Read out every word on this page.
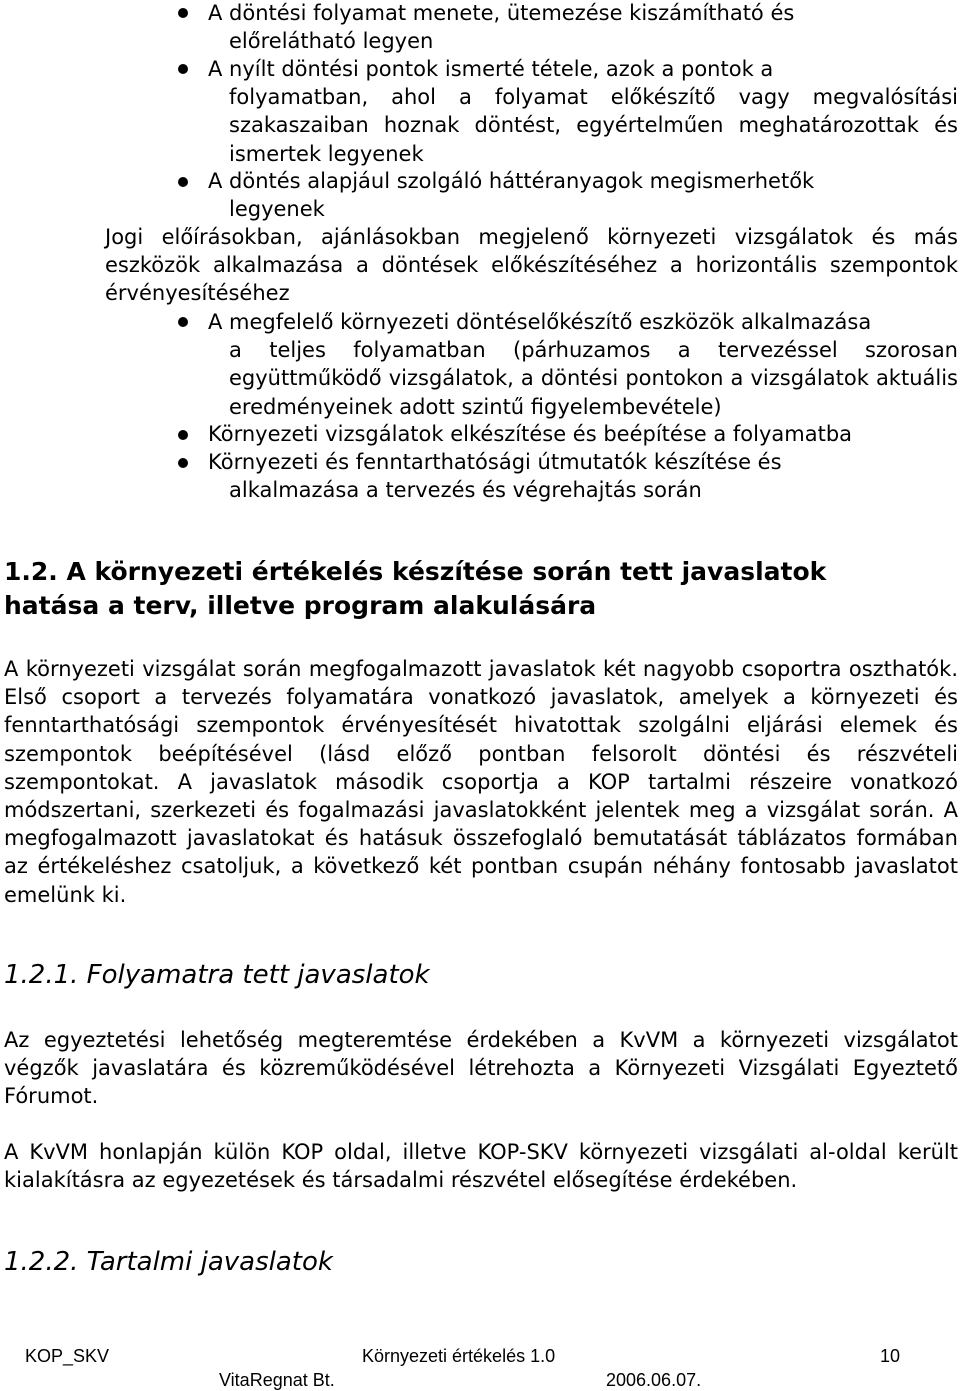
A döntési folyamat menete, ütemezése kiszámítható és
előrelátható legyen
A nyílt döntési pontok ismerté tétele, azok a pontok a
folyamatban, ahol a folyamat előkészítő vagy megvalósítási szakaszaiban hoznak döntést, egyértelműen meghatározottak és ismertek legyenek
A döntés alapjául szolgáló háttéranyagok megismerhetők
legyenek

Jogi előírásokban, ajánlásokban megjelenő környezeti vizsgálatok és más eszközök alkalmazása a döntések előkészítéséhez a horizontális szempontok érvényesítéséhez

A megfelelő környezeti döntéselőkészítő eszközök alkalmazása
a teljes folyamatban (párhuzamos a tervezéssel szorosan együttműködő vizsgálatok, a döntési pontokon a vizsgálatok aktuális eredményeinek adott szintű figyelembevétele)
Környezeti vizsgálatok elkészítése és beépítése a folyamatba
Környezeti és fenntarthatósági útmutatók készítése és
alkalmazása a tervezés és végrehajtás során
1.2. A környezeti értékelés készítése során tett javaslatok
hatása a terv, illetve program alakulására

A környezeti vizsgálat során megfogalmazott javaslatok két nagyobb csoportra oszthatók. Első csoport a tervezés folyamatára vonatkozó javaslatok, amelyek a környezeti és fenntarthatósági szempontok érvényesítését hivatottak szolgálni eljárási elemek és szempontok beépítésével (lásd előző pontban felsorolt döntési és részvételi szempontokat. A javaslatok második csoportja a KOP tartalmi részeire vonatkozó módszertani, szerkezeti és fogalmazási javaslatokként jelentek meg a vizsgálat során. A megfogalmazott javaslatokat és hatásuk összefoglaló bemutatását táblázatos formában az értékeléshez csatoljuk, a következő két pontban csupán néhány fontosabb javaslatot emelünk ki.

1.2.1. Folyamatra tett javaslatok

Az egyeztetési lehetőség megteremtése érdekében a KvVM a környezeti vizsgálatot végzők javaslatára és közreműködésével létrehozta a Környezeti Vizsgálati Egyeztető Fórumot.

A KvVM honlapján külön KOP oldal, illetve KOP-SKV környezeti vizsgálati al-oldal került kialakításra az egyezetések és társadalmi részvétel elősegítése érdekében.

1.2.2. Tartalmi javaslatok
KOP_SKV	Környezeti értékelés 1.0	10
VitaRegnat Bt.	2006.06.07.
